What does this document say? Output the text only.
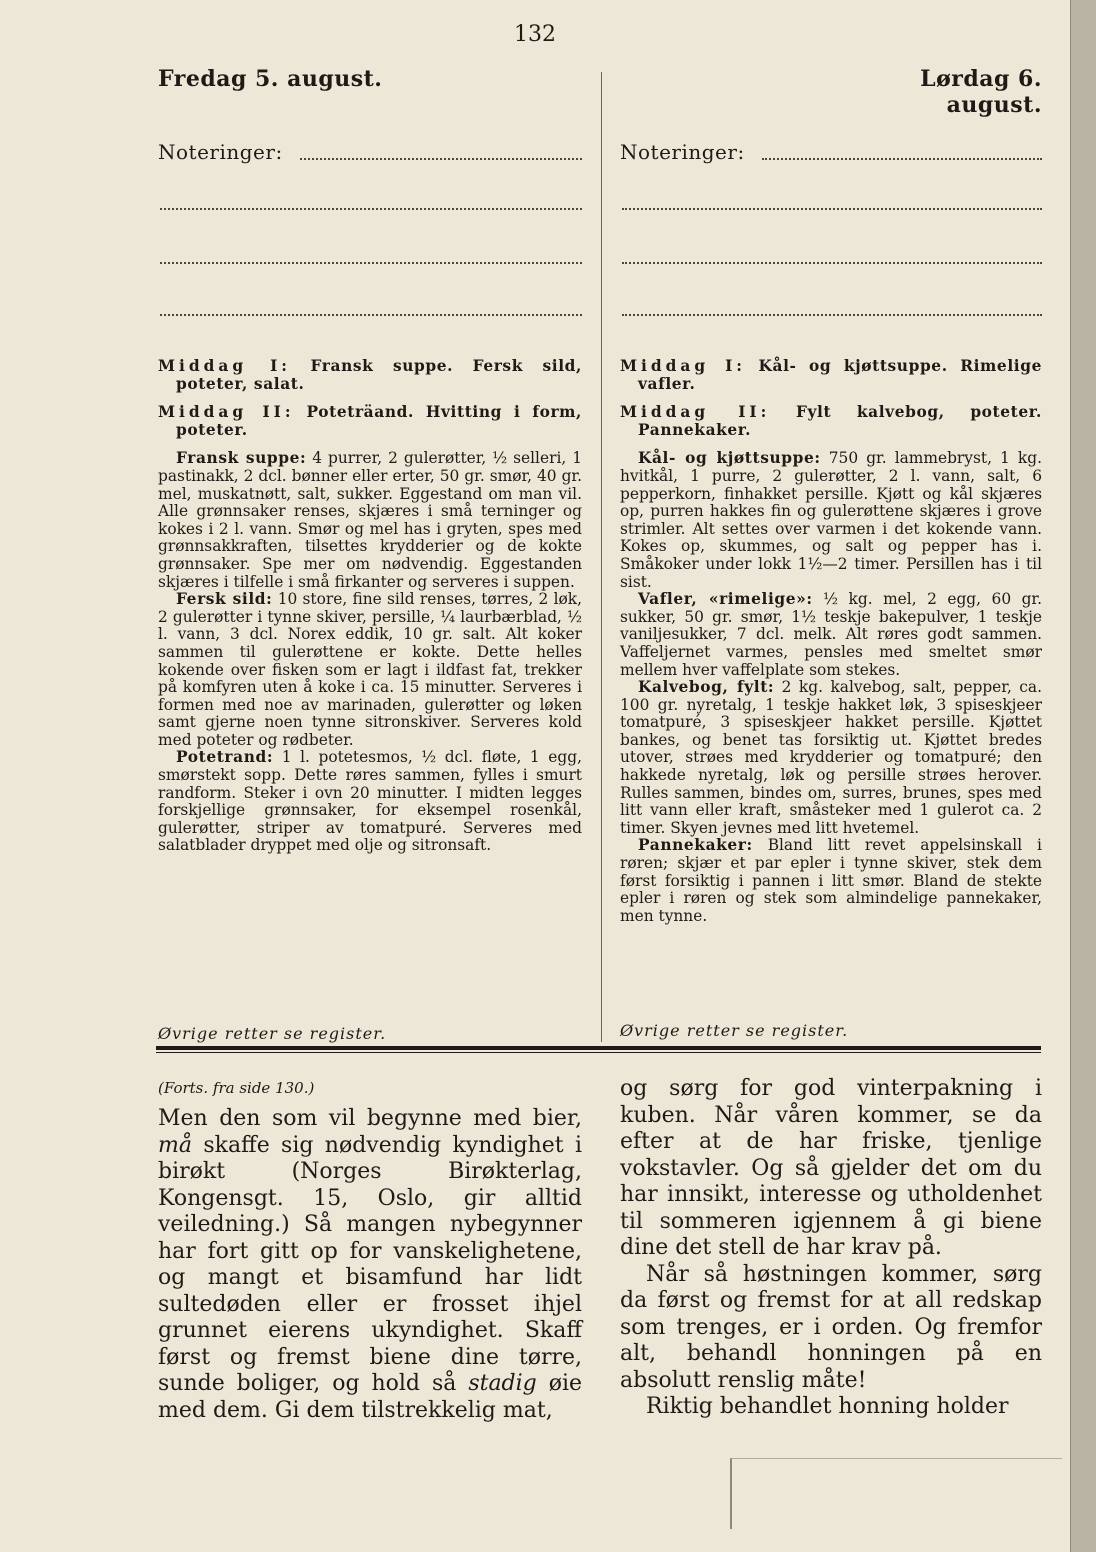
132
Fredag 5. august.	Lørdag 6. august.
Noteringer:	Noteringer:

Middag I: Fransk suppe. Fersk sild, poteter, salat.

Middag II: Poteträand. Hvitting i form, poteter.

Fransk suppe: 4 purrer, 2 gulerøtter, ½ selleri, 1 pastinakk, 2 dcl. bønner eller erter, 50 gr. smør, 40 gr. mel, muskatnøtt, salt, sukker. Eggestand om man vil. Alle grønnsaker renses, skjæres i små terninger og kokes i 2 l. vann. Smør og mel has i gryten, spes med grønnsakkraften, tilsettes krydderier og de kokte grønnsaker. Spe mer om nødvendig. Eggestanden skjæres i tilfelle i små firkanter og serveres i suppen.

Fersk sild: 10 store, fine sild renses, tørres, 2 løk, 2 gulerøtter i tynne skiver, persille, ¼ laurbærblad, ½ l. vann, 3 dcl. Norex eddik, 10 gr. salt. Alt koker sammen til gulerøttene er kokte. Dette helles kokende over fisken som er lagt i ildfast fat, trekker på komfyren uten å koke i ca. 15 minutter. Serveres i formen med noe av marinaden, gulerøtter og løken samt gjerne noen tynne sitronskiver. Serveres kold med poteter og rødbeter.

Potetrand: 1 l. potetesmos, ½ dcl. fløte, 1 egg, smørstekt sopp. Dette røres sammen, fylles i smurt randform. Steker i ovn 20 minutter. I midten legges forskjellige grønnsaker, for eksempel rosenkål, gulerøtter, striper av tomatpuré. Serveres med salatblader dryppet med olje og sitronsaft.

Øvrige retter se register.

Middag I: Kål- og kjøttsuppe. Rimelige vafler.

Middag II: Fylt kalvebog, poteter. Pannekaker.

Kål- og kjøttsuppe: 750 gr. lammebryst, 1 kg. hvitkål, 1 purre, 2 gulerøtter, 2 l. vann, salt, 6 pepperkorn, finhakket persille. Kjøtt og kål skjæres op, purren hakkes fin og gulerøttene skjæres i grove strimler. Alt settes over varmen i det kokende vann. Kokes op, skummes, og salt og pepper has i. Småkoker under lokk 1½—2 timer. Persillen has i til sist.

Vafler, «rimelige»: ½ kg. mel, 2 egg, 60 gr. sukker, 50 gr. smør, 1½ teskje bakepulver, 1 teskje vaniljesukker, 7 dcl. melk. Alt røres godt sammen. Vaffeljernet varmes, pensles med smeltet smør mellem hver vaffelplate som stekes.

Kalvebog, fylt: 2 kg. kalvebog, salt, pepper, ca. 100 gr. nyretalg, 1 teskje hakket løk, 3 spiseskjeer tomatpuré, 3 spiseskjeer hakket persille. Kjøttet bankes, og benet tas forsiktig ut. Kjøttet bredes utover, strøes med krydderier og tomatpuré; den hakkede nyretalg, løk og persille strøes herover. Rulles sammen, bindes om, surres, brunes, spes med litt vann eller kraft, småsteker med 1 gulerot ca. 2 timer. Skyen jevnes med litt hvetemel.

Pannekaker: Bland litt revet appelsinskall i røren; skjær et par epler i tynne skiver, stek dem først forsiktig i pannen i litt smør. Bland de stekte epler i røren og stek som almindelige pannekaker, men tynne.

Øvrige retter se register.

(Forts. fra side 130.)

Men den som vil begynne med bier, må skaffe sig nødvendig kyndighet i birøkt (Norges Birøkterlag, Kongensgt. 15, Oslo, gir alltid veiledning.) Så mangen nybegynner har fort gitt op for vanskelighetene, og mangt et bisamfund har lidt sultedøden eller er frosset ihjel grunnet eierens ukyndighet. Skaff først og fremst biene dine tørre, sunde boliger, og hold så stadig øie med dem. Gi dem tilstrekkelig mat,

og sørg for god vinterpakning i kuben. Når våren kommer, se da efter at de har friske, tjenlige vokstavler. Og så gjelder det om du har innsikt, interesse og utholdenhet til sommeren igjennem å gi biene dine det stell de har krav på.

Når så høstningen kommer, sørg da først og fremst for at all redskap som trenges, er i orden. Og fremfor alt, behandl honningen på en absolutt renslig måte!

Riktig behandlet honning holder
